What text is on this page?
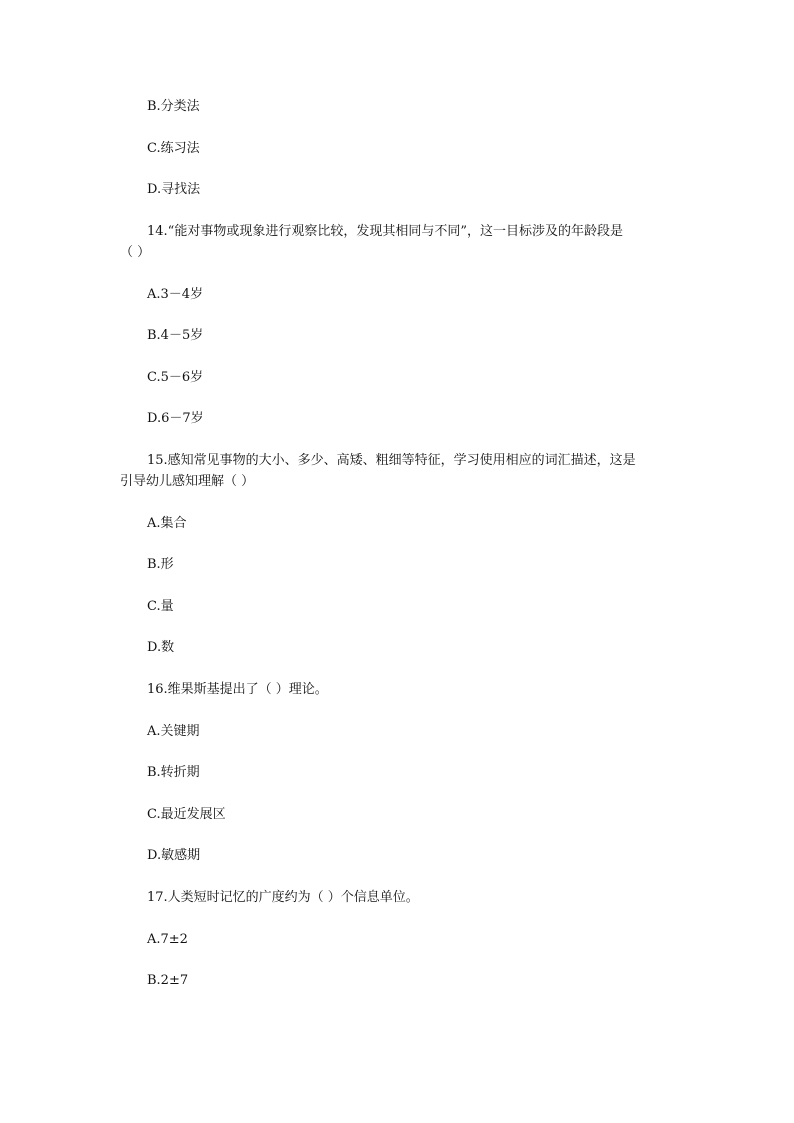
B.分类法
C.练习法
D.寻找法
14.“能对事物或现象进行观察比较，发现其相同与不同”，这一目标涉及的年龄段是
（ ）
A.3－4岁
B.4－5岁
C.5－6岁
D.6－7岁
15.感知常见事物的大小、多少、高矮、粗细等特征，学习使用相应的词汇描述，这是
引导幼儿感知理解（ ）
A.集合
B.形
C.量
D.数
16.维果斯基提出了（ ）理论。
A.关键期
B.转折期
C.最近发展区
D.敏感期
17.人类短时记忆的广度约为（ ）个信息单位。
A.7±2
B.2±7
